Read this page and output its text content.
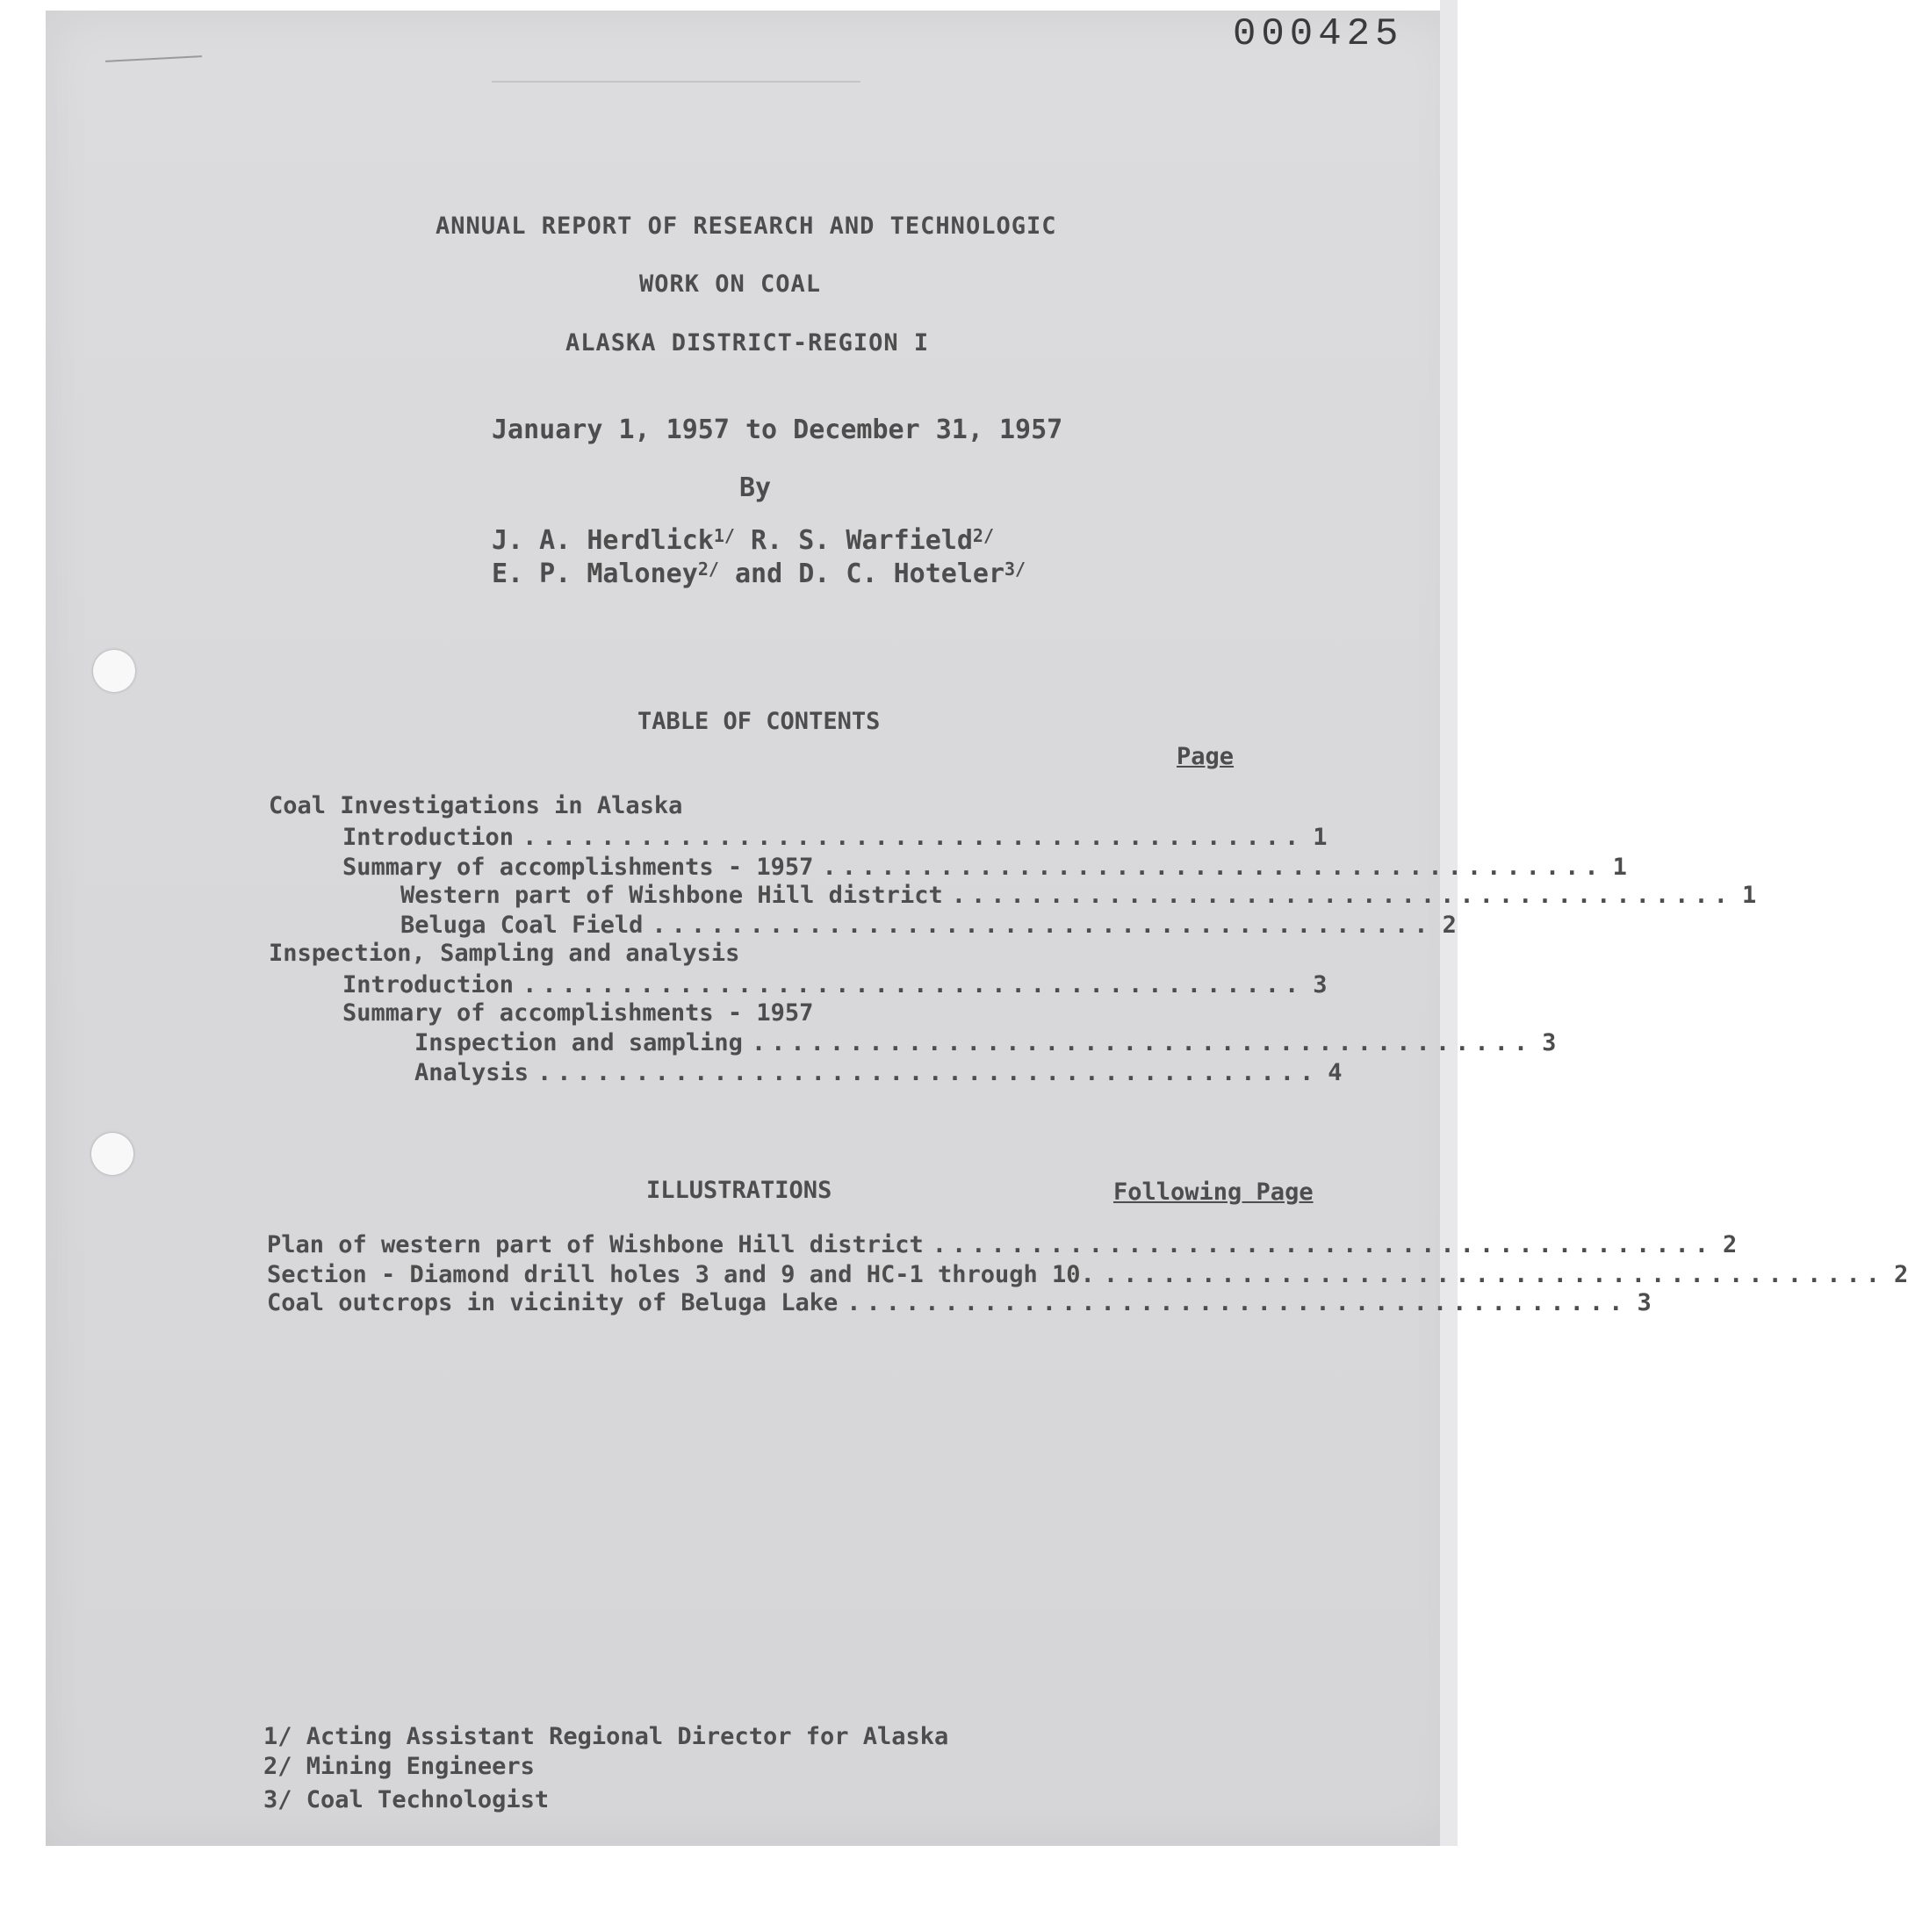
000425
ANNUAL REPORT OF RESEARCH AND TECHNOLOGIC
WORK ON COAL
ALASKA DISTRICT-REGION I
January 1, 1957 to December 31, 1957
By
J. A. Herdlick$^{1/}$ R. S. Warfield$^{2/}$
E. P. Maloney$^{2/}$ and D. C. Hoteler$^{3/}$
TABLE OF CONTENTS
Page
Coal Investigations in Alaska
Introduction ........................................ 1
Summary of accomplishments - 1957 ........................................ 1
Western part of Wishbone Hill district ........................................ 1
Beluga Coal Field ........................................ 2
Inspection, Sampling and analysis
Introduction ........................................ 3
Summary of accomplishments - 1957
Inspection and sampling ........................................ 3
Analysis ........................................ 4
ILLUSTRATIONS	Following Page
Plan of western part of Wishbone Hill district ........................................ 2
Section - Diamond drill holes 3 and 9 and HC-1 through 10. ........................................ 2
Coal outcrops in vicinity of Beluga Lake ........................................ 3
1/ Acting Assistant Regional Director for Alaska
2/ Mining Engineers
3/ Coal Technologist
